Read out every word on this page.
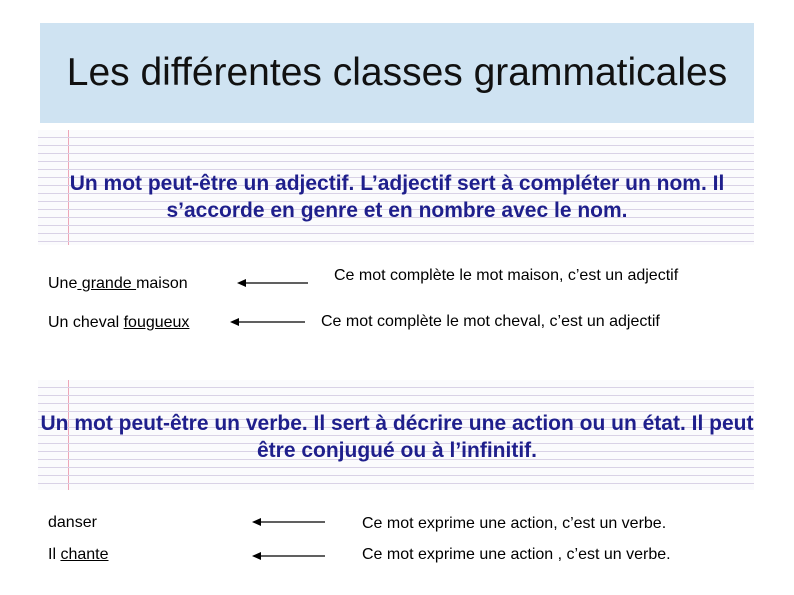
Les différentes classes grammaticales

Un mot peut-être un adjectif. L’adjectif sert à compléter un nom. Il s’accorde en genre et en nombre avec le nom.

Une grande maison	Ce mot complète le mot maison, c’est un adjectif
Un cheval fougueux	Ce mot complète le mot cheval, c’est un adjectif

Un mot peut-être un verbe. Il sert à décrire une action ou un état. Il peut être conjugué ou à l’infinitif.

danser	Ce mot exprime une action, c’est un verbe.
Il chante	Ce mot exprime une action , c’est un verbe.
